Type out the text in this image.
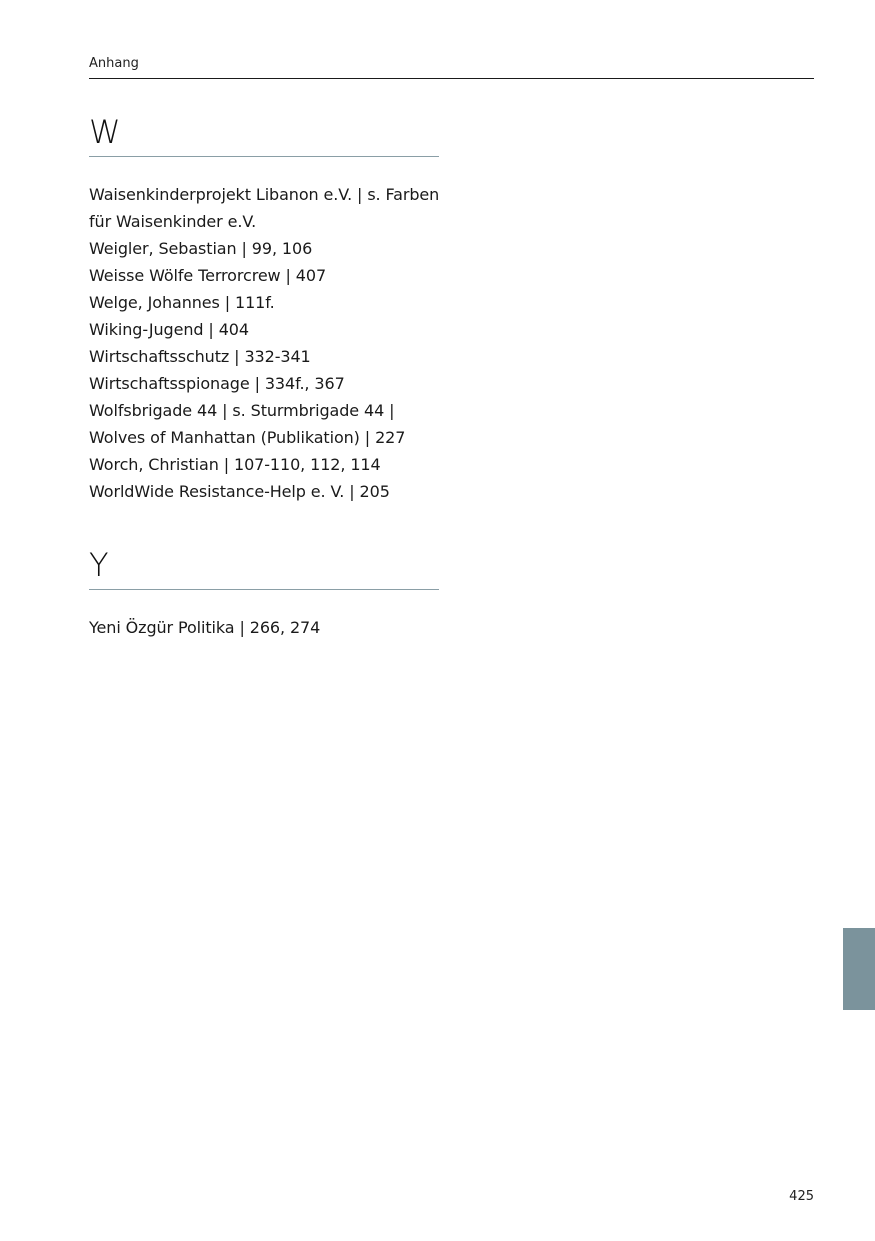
Anhang
W
Waisenkinderprojekt Libanon e.V. | s. Farben
für Waisenkinder e.V.
Weigler, Sebastian | 99, 106
Weisse Wölfe Terrorcrew | 407
Welge, Johannes | 111f.
Wiking-Jugend | 404
Wirtschaftsschutz | 332-341
Wirtschaftsspionage | 334f., 367
Wolfsbrigade 44 | s. Sturmbrigade 44 |
Wolves of Manhattan (Publikation) | 227
Worch, Christian | 107-110, 112, 114
WorldWide Resistance-Help e. V. | 205
Y
Yeni Özgür Politika | 266, 274
425
